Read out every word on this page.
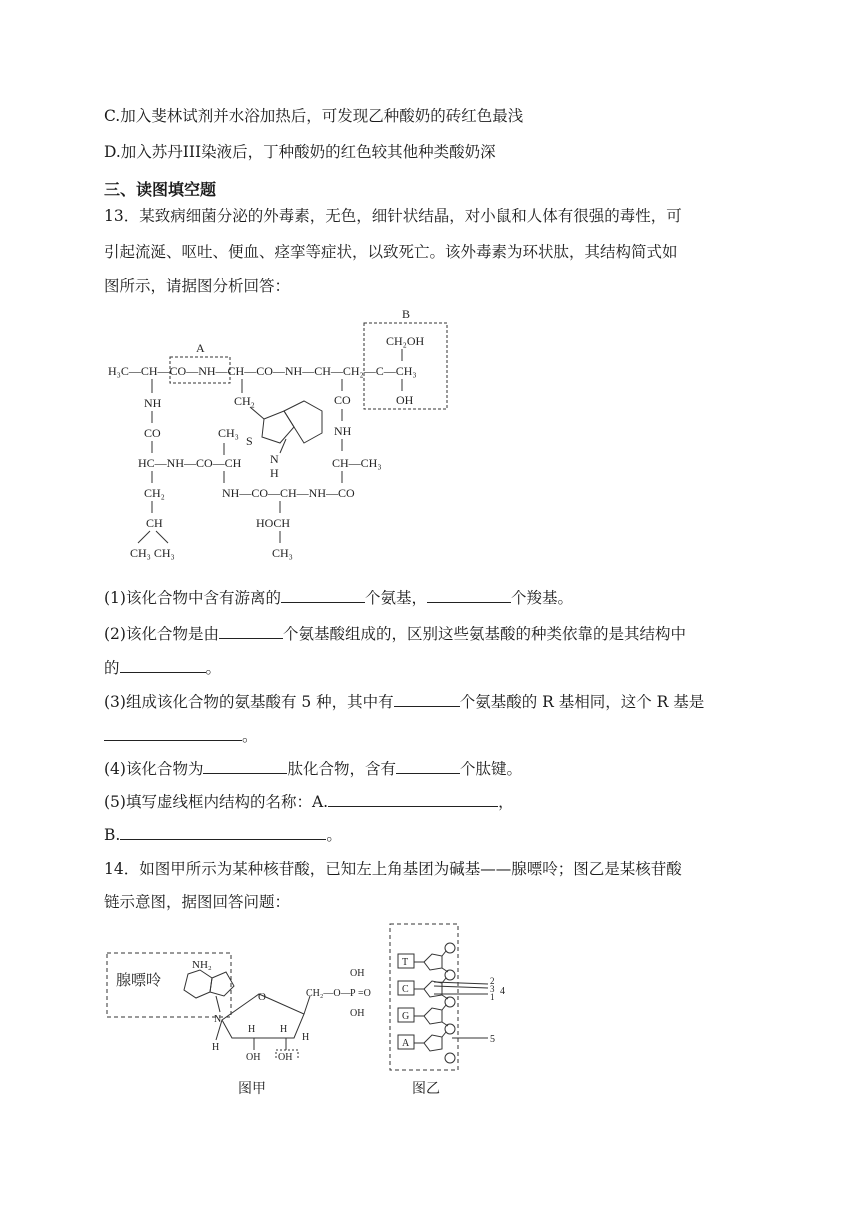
C.加入斐林试剂并水浴加热后，可发现乙种酸奶的砖红色最浅
D.加入苏丹III染液后，丁种酸奶的红色较其他种类酸奶深
三、读图填空题
13．某致病细菌分泌的外毒素，无色，细针状结晶，对小鼠和人体有很强的毒性，可
引起流涎、呕吐、便血、痉挛等症状，以致死亡。该外毒素为环状肽，其结构简式如
图所示，请据图分析回答：
A
B
CH₂OH
OH
H₃C—CH—CO—NH—CH—CO—NH—CH—CH₂—C—CH₃
NH
CO
HC—NH—CO—CH
CH₂
CH
CH₃ CH₃
CH₂
N
H
CH₃
S
CO
NH
CH—CH₃
NH—CO—CH—NH—CO
HOCH
CH₃
(1)该化合物中含有游离的	个氨基，	个羧基。
(2)该化合物是由	个氨基酸组成的，区别这些氨基酸的种类依靠的是其结构中
的	。
(3)组成该化合物的氨基酸有 5 种，其中有	个氨基酸的 R 基相同，这个 R 基是
。
(4)该化合物为	肽化合物，含有	个肽键。
(5)填写虚线框内结构的名称：A.	，
B.	。
14．如图甲所示为某种核苷酸，已知左上角基团为碱基——腺嘌呤；图乙是某核苷酸
链示意图，据图回答问题：
腺嘌呤
NH₂
N
O
H
H H
H
OH OH
CH₂—O—
OH
P =O
OH
图甲
T
C
G
A
2
3
1 4
5
图乙
